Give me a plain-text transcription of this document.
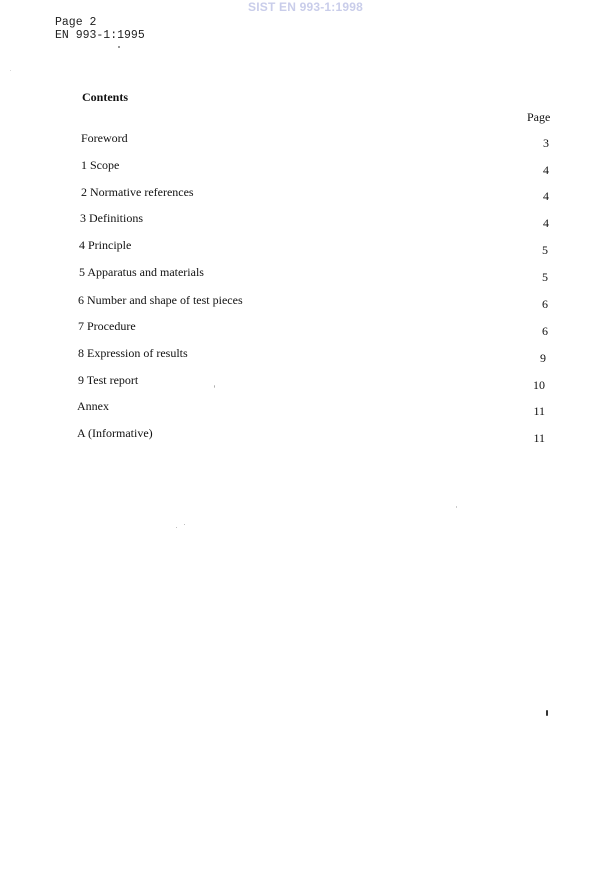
SIST EN 993-1:1998
Page 2
EN 993-1:1995
Contents
Page
Foreword	3
1 Scope	4
2 Normative references	4
3 Definitions	4
4 Principle	5
5 Apparatus and materials	5
6 Number and shape of test pieces	6
7 Procedure	6
8 Expression of results	9
9 Test report	10
Annex	11
A (Informative)	11
